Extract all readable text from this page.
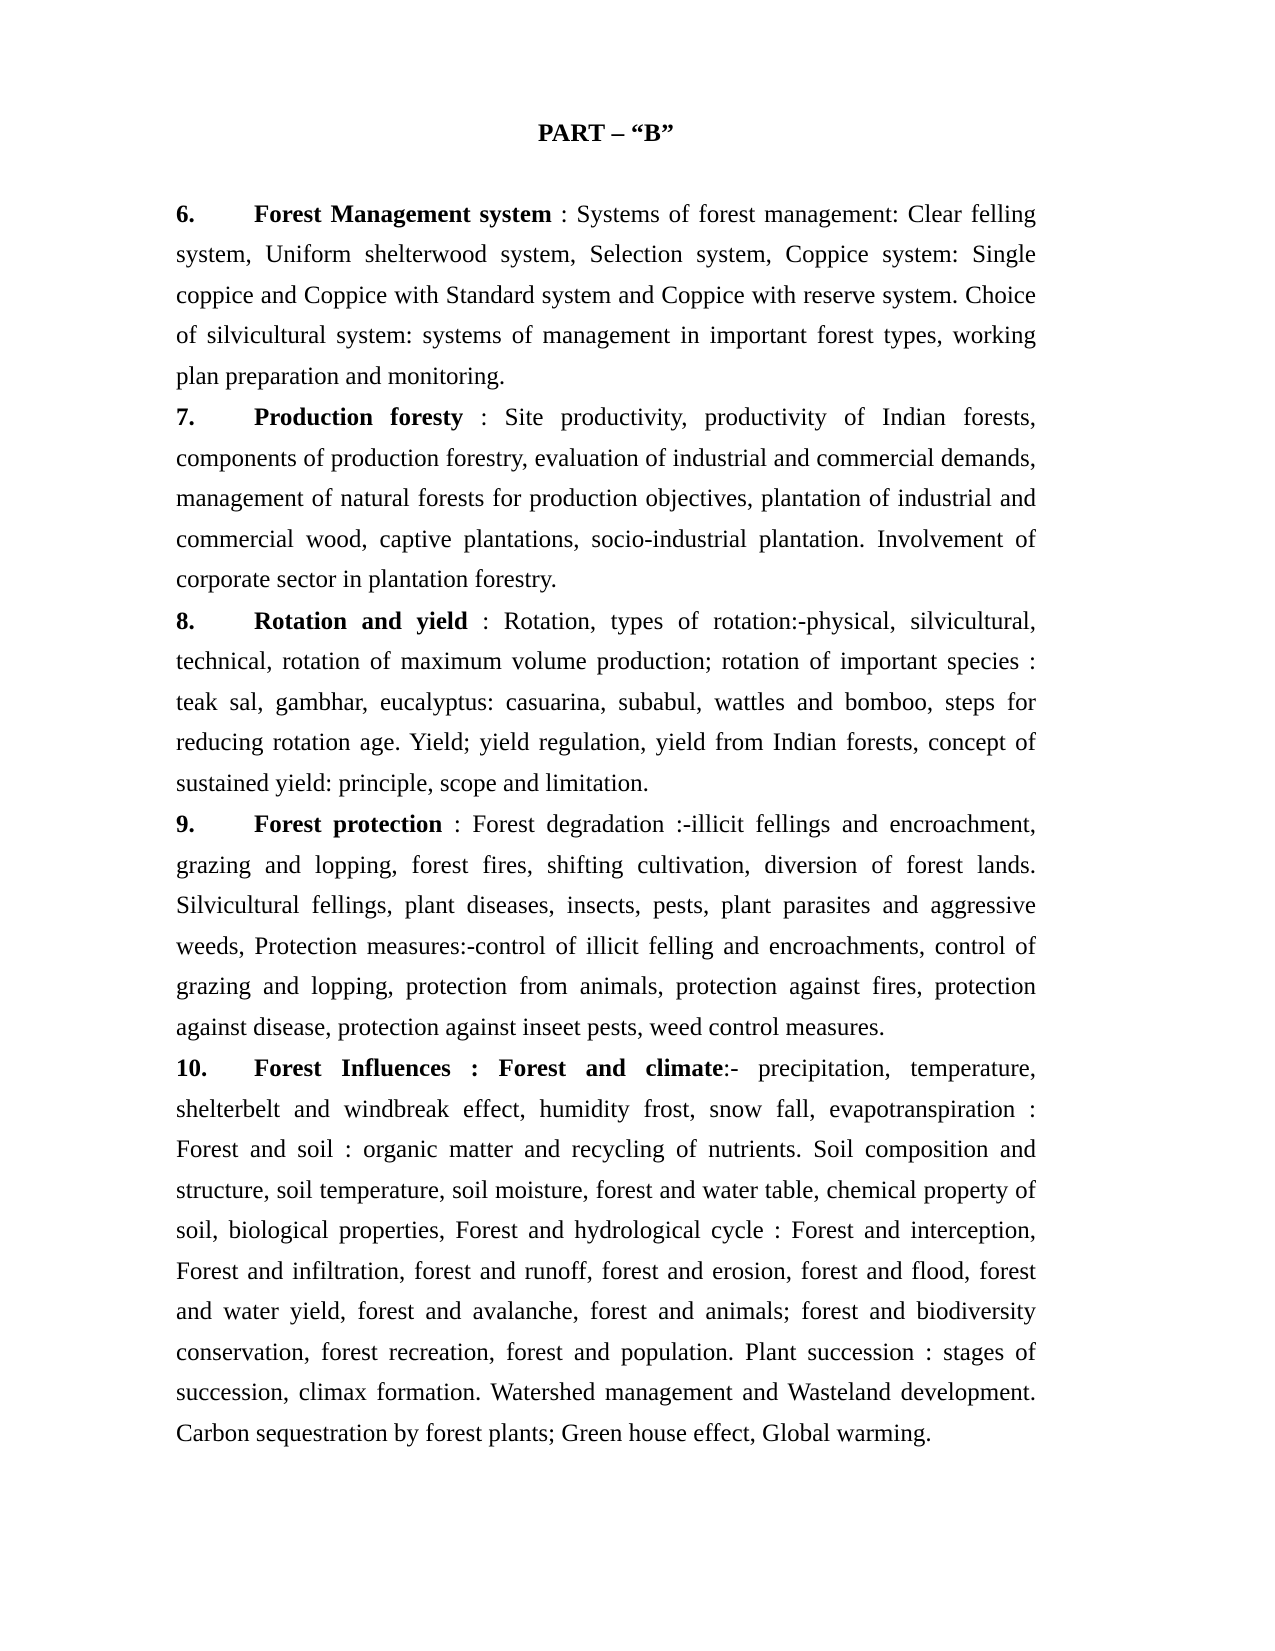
PART – “B”

6. Forest Management system : Systems of forest management: Clear felling system, Uniform shelterwood system, Selection system, Coppice system: Single coppice and Coppice with Standard system and Coppice with reserve system. Choice of silvicultural system: systems of management in important forest types, working plan preparation and monitoring.

7. Production foresty : Site productivity, productivity of Indian forests, components of production forestry, evaluation of industrial and commercial demands, management of natural forests for production objectives, plantation of industrial and commercial wood, captive plantations, socio-industrial plantation. Involvement of corporate sector in plantation forestry.

8. Rotation and yield : Rotation, types of rotation:-physical, silvicultural, technical, rotation of maximum volume production; rotation of important species : teak sal, gambhar, eucalyptus: casuarina, subabul, wattles and bomboo, steps for reducing rotation age. Yield; yield regulation, yield from Indian forests, concept of sustained yield: principle, scope and limitation.

9. Forest protection : Forest degradation :-illicit fellings and encroachment, grazing and lopping, forest fires, shifting cultivation, diversion of forest lands. Silvicultural fellings, plant diseases, insects, pests, plant parasites and aggressive weeds, Protection measures:-control of illicit felling and encroachments, control of grazing and lopping, protection from animals, protection against fires, protection against disease, protection against inseet pests, weed control measures.

10. Forest Influences : Forest and climate:- precipitation, temperature, shelterbelt and windbreak effect, humidity frost, snow fall, evapotranspiration : Forest and soil : organic matter and recycling of nutrients. Soil composition and structure, soil temperature, soil moisture, forest and water table, chemical property of soil, biological properties, Forest and hydrological cycle : Forest and interception, Forest and infiltration, forest and runoff, forest and erosion, forest and flood, forest and water yield, forest and avalanche, forest and animals; forest and biodiversity conservation, forest recreation, forest and population. Plant succession : stages of succession, climax formation. Watershed management and Wasteland development. Carbon sequestration by forest plants; Green house effect, Global warming.
